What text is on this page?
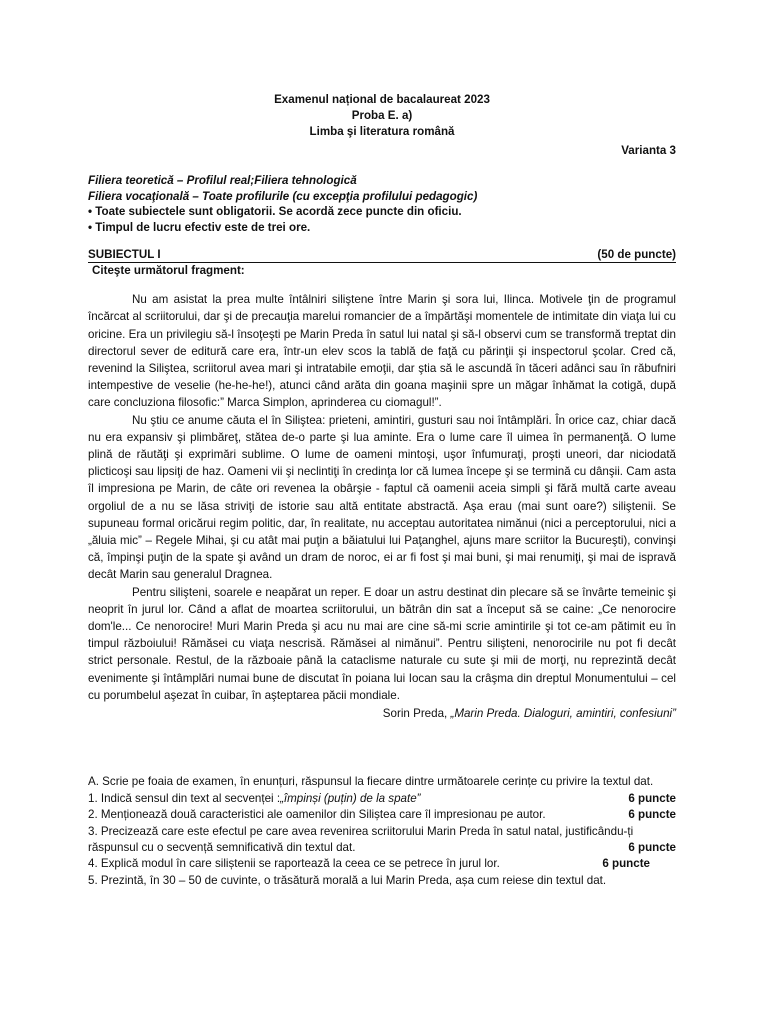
Examenul național de bacalaureat 2023
Proba E. a)
Limba şi literatura română
Varianta 3
Filiera teoretică – Profilul real;Filiera tehnologică
Filiera vocaţională – Toate profilurile (cu excepţia profilului pedagogic)
• Toate subiectele sunt obligatorii. Se acordă zece puncte din oficiu.
• Timpul de lucru efectiv este de trei ore.
SUBIECTUL I	(50 de puncte)
Citeşte următorul fragment:

Nu am asistat la prea multe întâlniri siliştene între Marin şi sora lui, Ilinca. Motivele ţin de programul încărcat al scriitorului, dar şi de precauţia marelui romancier de a împărtăşi momentele de intimitate din viaţa lui cu oricine. Era un privilegiu să-l însoţeşti pe Marin Preda în satul lui natal şi să-l observi cum se transformă treptat din directorul sever de editură care era, într-un elev scos la tablă de faţă cu părinţii şi inspectorul şcolar. Cred că, revenind la Siliştea, scriitorul avea mari şi intratabile emoţii, dar ştia să le ascundă în tăceri adânci sau în răbufniri intempestive de veselie (he-he-he!), atunci când arăta din goana maşinii spre un măgar înhămat la cotigă, după care concluziona filosofic:” Marca Simplon, aprinderea cu ciomagul!”.

Nu ştiu ce anume căuta el în Siliştea: prieteni, amintiri, gusturi sau noi întâmplări. În orice caz, chiar dacă nu era expansiv şi plimbăreţ, stătea de-o parte şi lua aminte. Era o lume care îl uimea în permanenţă. O lume plină de răutăţi şi exprimări sublime. O lume de oameni mintoşi, uşor înfumuraţi, proşti uneori, dar niciodată plicticoşi sau lipsiţi de haz. Oameni vii şi neclintiţi în credinţa lor că lumea începe şi se termină cu dânşii. Cam asta îl impresiona pe Marin, de câte ori revenea la obârşie - faptul că oamenii aceia simpli şi fără multă carte aveau orgoliul de a nu se lăsa striviţi de istorie sau altă entitate abstractă. Aşa erau (mai sunt oare?) siliştenii. Se supuneau formal oricărui regim politic, dar, în realitate, nu acceptau autoritatea nimănui (nici a perceptorului, nici a „ăluia mic” – Regele Mihai, şi cu atât mai puţin a băiatului lui Paţanghel, ajuns mare scriitor la Bucureşti), convinşi că, împinşi puţin de la spate şi având un dram de noroc, ei ar fi fost şi mai buni, şi mai renumiţi, şi mai de ispravă decât Marin sau generalul Dragnea.

Pentru silişteni, soarele e neapărat un reper. E doar un astru destinat din plecare să se învârte temeinic şi neoprit în jurul lor. Când a aflat de moartea scriitorului, un bătrân din sat a început să se caine: „Ce nenorocire dom'le... Ce nenorocire! Muri Marin Preda şi acu nu mai are cine să-mi scrie amintirile şi tot ce-am pătimit eu în timpul războiului! Rămăsei cu viaţa nescrisă. Rămăsei al nimănui”. Pentru silişteni, nenorocirile nu pot fi decât strict personale. Restul, de la războaie până la cataclisme naturale cu sute şi mii de morţi, nu reprezintă decât evenimente şi întâmplări numai bune de discutat în poiana lui Iocan sau la crâşma din dreptul Monumentului – cel cu porumbelul aşezat în cuibar, în aşteptarea păcii mondiale.

Sorin Preda, „Marin Preda. Dialoguri, amintiri, confesiuni”
A. Scrie pe foaia de examen, în enunțuri, răspunsul la fiecare dintre următoarele cerințe cu privire la textul dat.
1. Indică sensul din text al secvenței :„împinși (puțin) de la spate”	6 puncte
2. Menționează două caracteristici ale oamenilor din Siliștea care îl impresionau pe autor.	6 puncte
3. Precizează care este efectul pe care avea revenirea scriitorului Marin Preda în satul natal, justificându-ți
răspunsul cu o secvență semnificativă din textul dat.	6 puncte
4. Explică modul în care siliștenii se raportează la ceea ce se petrece în jurul lor.	6 puncte
5. Prezintă, în 30 – 50 de cuvinte, o trăsătură morală a lui Marin Preda, așa cum reiese din textul dat.
